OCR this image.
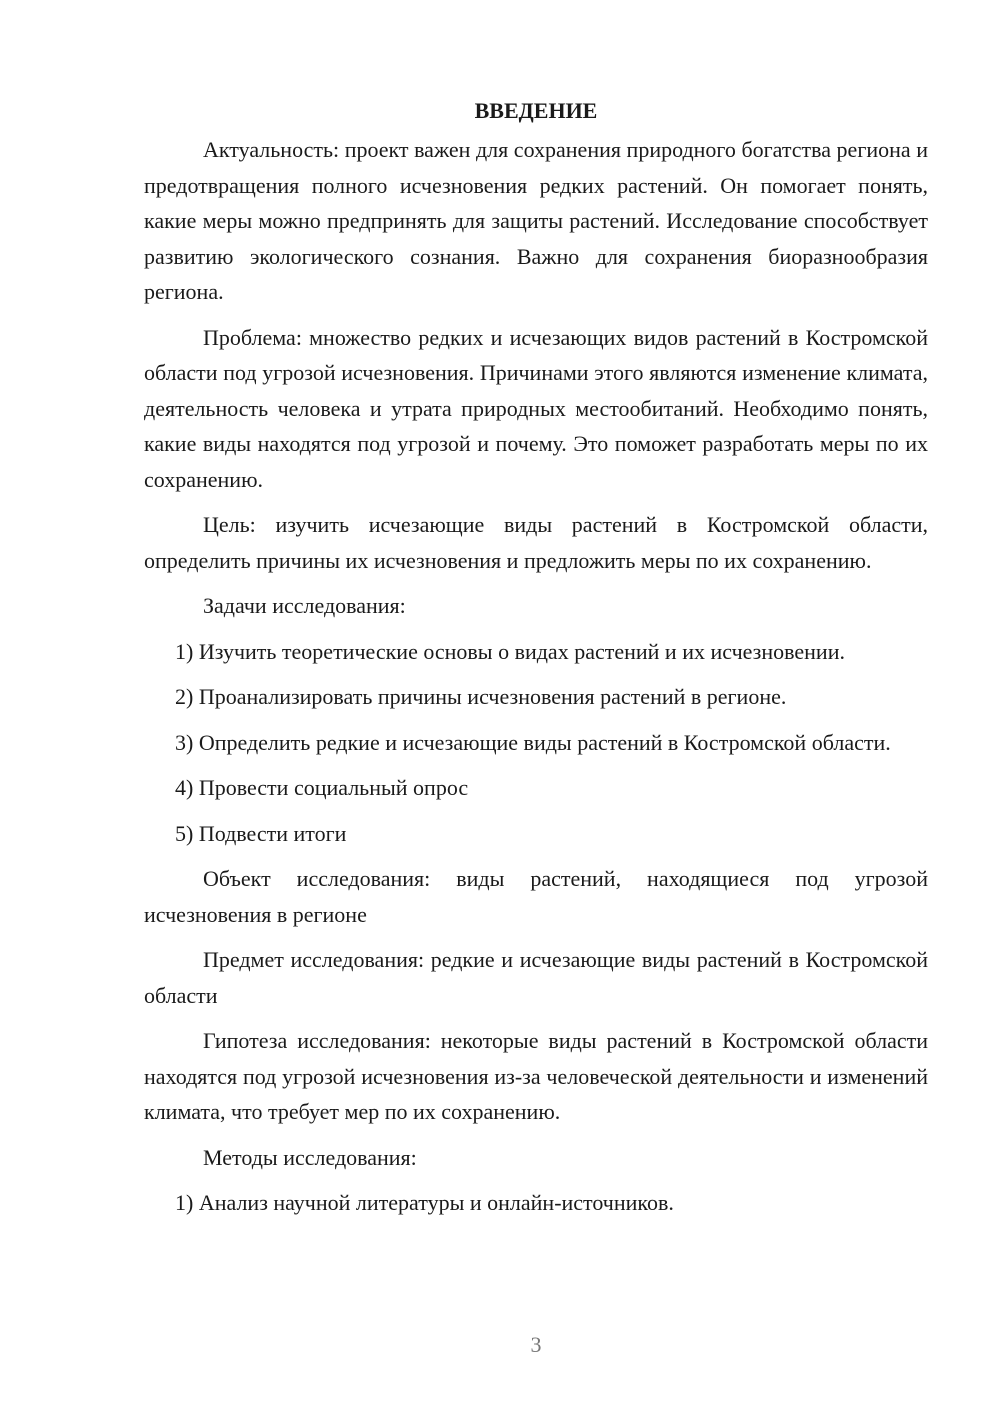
ВВЕДЕНИЕ

Актуальность: проект важен для сохранения природного богатства региона и предотвращения полного исчезновения редких растений. Он помогает понять, какие меры можно предпринять для защиты растений. Исследование способствует развитию экологического сознания. Важно для сохранения биоразнообразия региона.

Проблема: множество редких и исчезающих видов растений в Костромской области под угрозой исчезновения. Причинами этого являются изменение климата, деятельность человека и утрата природных местообитаний. Необходимо понять, какие виды находятся под угрозой и почему. Это поможет разработать меры по их сохранению.

Цель: изучить исчезающие виды растений в Костромской области, определить причины их исчезновения и предложить меры по их сохранению.

Задачи исследования:

1) Изучить теоретические основы о видах растений и их исчезновении.

2) Проанализировать причины исчезновения растений в регионе.

3) Определить редкие и исчезающие виды растений в Костромской области.

4) Провести социальный опрос

5) Подвести итоги

Объект исследования: виды растений, находящиеся под угрозой исчезновения в регионе

Предмет исследования: редкие и исчезающие виды растений в Костромской области

Гипотеза исследования: некоторые виды растений в Костромской области находятся под угрозой исчезновения из-за человеческой деятельности и изменений климата, что требует мер по их сохранению.

Методы исследования:

1) Анализ научной литературы и онлайн-источников.

3
